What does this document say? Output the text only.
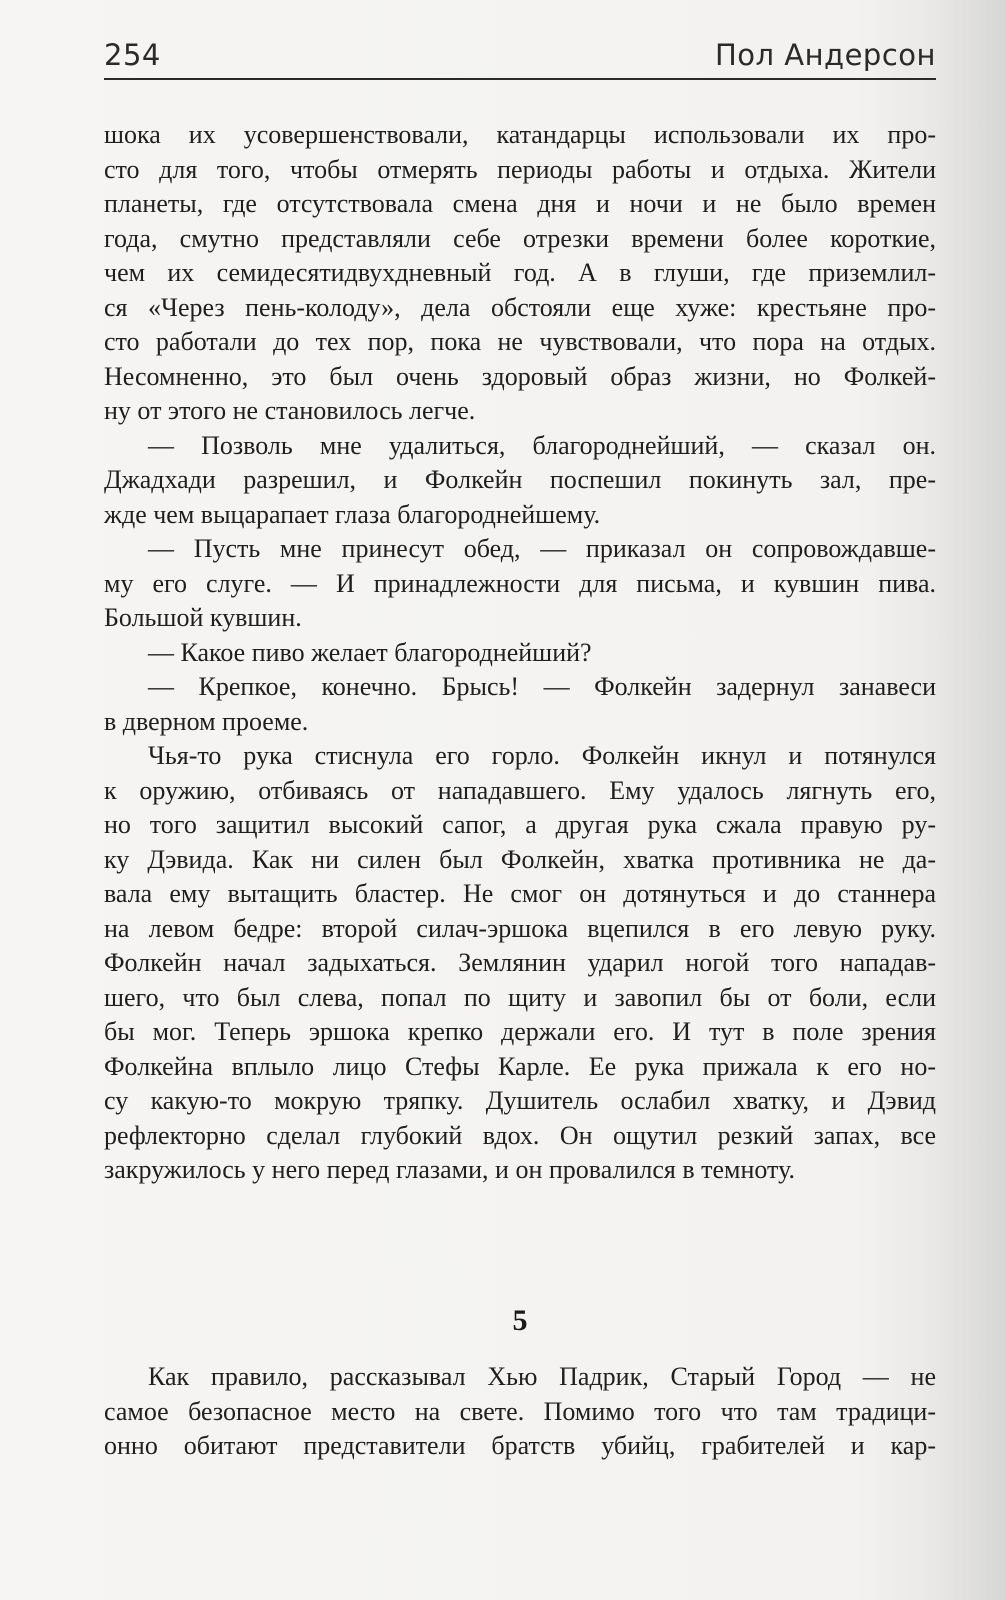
254	Пол Андерсон
шока их усовершенствовали, катандарцы использовали их про-
сто для того, чтобы отмерять периоды работы и отдыха. Жители
планеты, где отсутствовала смена дня и ночи и не было времен
года, смутно представляли себе отрезки времени более короткие,
чем их семидесятидвухдневный год. А в глуши, где приземлил-
ся «Через пень-колоду», дела обстояли еще хуже: крестьяне про-
сто работали до тех пор, пока не чувствовали, что пора на отдых.
Несомненно, это был очень здоровый образ жизни, но Фолкей-
ну от этого не становилось легче.
— Позволь мне удалиться, благороднейший, — сказал он.
Джадхади разрешил, и Фолкейн поспешил покинуть зал, пре-
жде чем выцарапает глаза благороднейшему.
— Пусть мне принесут обед, — приказал он сопровождавше-
му его слуге. — И принадлежности для письма, и кувшин пива.
Большой кувшин.
— Какое пиво желает благороднейший?
— Крепкое, конечно. Брысь! — Фолкейн задернул занавеси
в дверном проеме.
Чья-то рука стиснула его горло. Фолкейн икнул и потянулся
к оружию, отбиваясь от нападавшего. Ему удалось лягнуть его,
но того защитил высокий сапог, а другая рука сжала правую ру-
ку Дэвида. Как ни силен был Фолкейн, хватка противника не да-
вала ему вытащить бластер. Не смог он дотянуться и до станнера
на левом бедре: второй силач-эршока вцепился в его левую руку.
Фолкейн начал задыхаться. Землянин ударил ногой того нападав-
шего, что был слева, попал по щиту и завопил бы от боли, если
бы мог. Теперь эршока крепко держали его. И тут в поле зрения
Фолкейна вплыло лицо Стефы Карле. Ее рука прижала к его но-
су какую-то мокрую тряпку. Душитель ослабил хватку, и Дэвид
рефлекторно сделал глубокий вдох. Он ощутил резкий запах, все
закружилось у него перед глазами, и он провалился в темноту.
5
Как правило, рассказывал Хью Падрик, Старый Город — не
самое безопасное место на свете. Помимо того что там традици-
онно обитают представители братств убийц, грабителей и кар-
